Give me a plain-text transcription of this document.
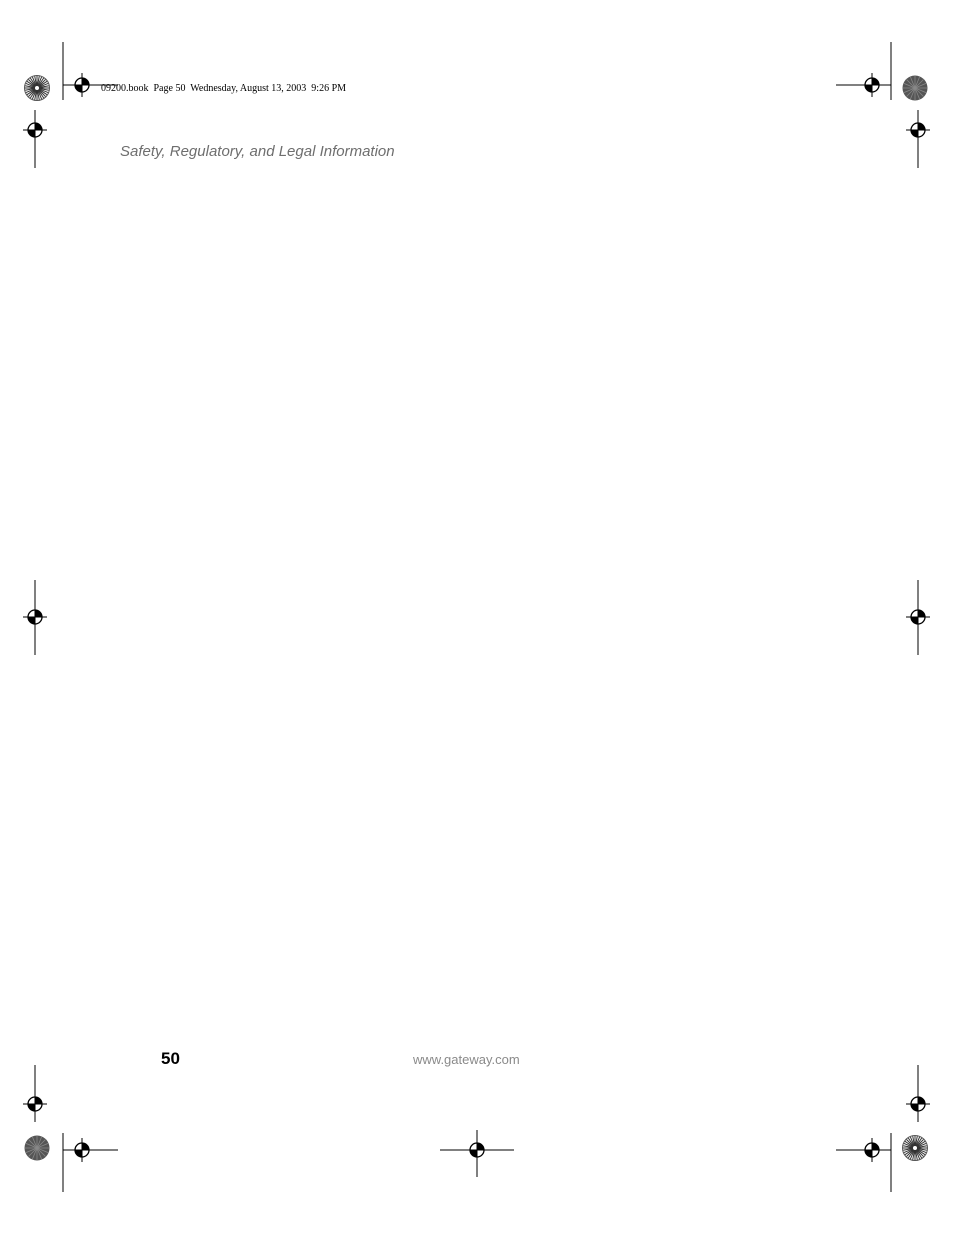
09200.book  Page 50  Wednesday, August 13, 2003  9:26 PM
Safety, Regulatory, and Legal Information
50	www.gateway.com
